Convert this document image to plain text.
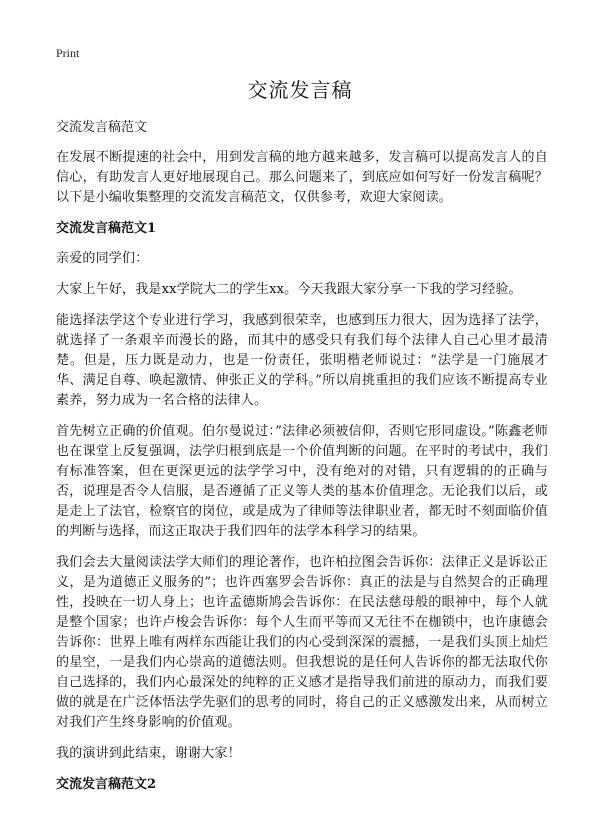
Print
交流发言稿
交流发言稿范文

在发展不断提速的社会中，用到发言稿的地方越来越多，发言稿可以提高发言人的自信心，有助发言人更好地展现自己。那么问题来了，到底应如何写好一份发言稿呢？以下是小编收集整理的交流发言稿范文，仅供参考，欢迎大家阅读。

交流发言稿范文1

亲爱的同学们：

大家上午好，我是xx学院大二的学生xx。今天我跟大家分享一下我的学习经验。

能选择法学这个专业进行学习，我感到很荣幸，也感到压力很大，因为选择了法学，就选择了一条艰辛而漫长的路，而其中的感受只有我们每个法律人自己心里才最清楚。但是，压力既是动力，也是一份责任，张明楷老师说过：“法学是一门施展才华、满足自尊、唤起激情、伸张正义的学科。”所以肩挑重担的我们应该不断提高专业素养，努力成为一名合格的法律人。

首先树立正确的价值观。伯尔曼说过：”法律必须被信仰，否则它形同虚设。”陈鑫老师也在课堂上反复强调，法学归根到底是一个价值判断的问题。在平时的考试中，我们有标准答案，但在更深更远的法学学习中，没有绝对的对错，只有逻辑的的正确与否，说理是否令人信服，是否遵循了正义等人类的基本价值理念。无论我们以后，或是走上了法官，检察官的岗位，或是成为了律师等法律职业者，都无时不刻面临价值的判断与选择，而这正取决于我们四年的法学本科学习的结果。

我们会去大量阅读法学大师们的理论著作，也许柏拉图会告诉你：法律正义是诉讼正义，是为道德正义服务的”；也许西塞罗会告诉你：真正的法是与自然契合的正确理性，投映在一切人身上；也许孟德斯鸠会告诉你：在民法慈母般的眼神中，每个人就是整个国家；也许卢梭会告诉你：每个人生而平等而又无往不在枷锁中，也许康德会告诉你：世界上唯有两样东西能让我们的内心受到深深的震撼，一是我们头顶上灿烂的星空，一是我们内心崇高的道德法则。但我想说的是任何人告诉你的都无法取代你自己选择的，我们内心最深处的纯粹的正义感才是指导我们前进的原动力，而我们要做的就是在广泛体悟法学先驱们的思考的同时，将自己的正义感激发出来，从而树立对我们产生终身影响的价值观。

我的演讲到此结束，谢谢大家！

交流发言稿范文2
